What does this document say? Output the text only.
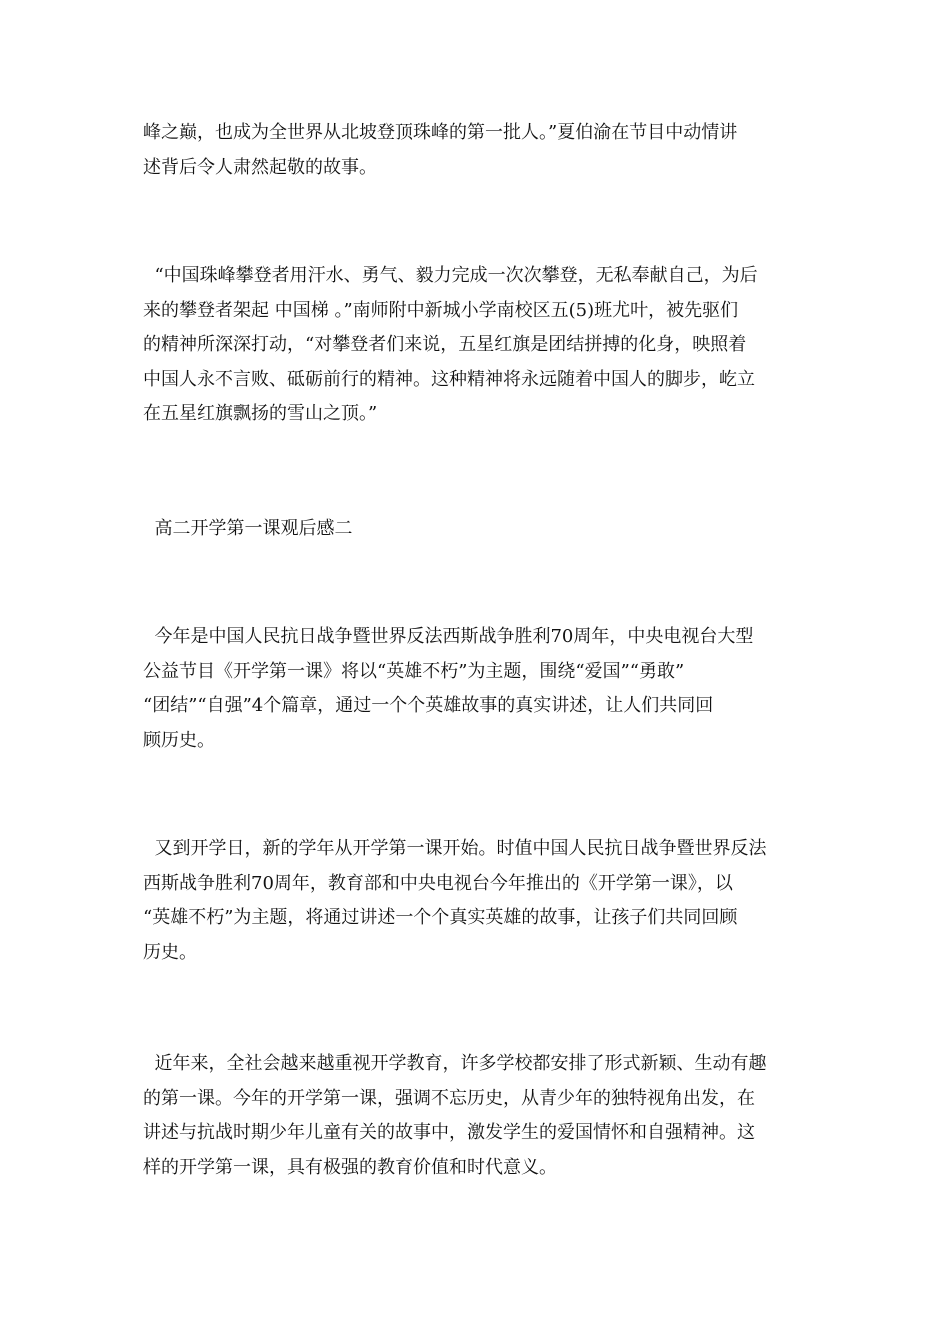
峰之巅，也成为全世界从北坡登顶珠峰的第一批人。”夏伯渝在节目中动情讲
述背后令人肃然起敬的故事。

“中国珠峰攀登者用汗水、勇气、毅力完成一次次攀登，无私奉献自己，为后
来的攀登者架起 中国梯 。”南师附中新城小学南校区五(5)班尤叶，被先驱们
的精神所深深打动，“对攀登者们来说，五星红旗是团结拼搏的化身，映照着
中国人永不言败、砥砺前行的精神。这种精神将永远随着中国人的脚步，屹立
在五星红旗飘扬的雪山之顶。”

高二开学第一课观后感二

今年是中国人民抗日战争暨世界反法西斯战争胜利70周年，中央电视台大型
公益节目《开学第一课》将以“英雄不朽”为主题，围绕“爱国”“勇敢”
“团结”“自强”4个篇章，通过一个个英雄故事的真实讲述，让人们共同回
顾历史。

又到开学日，新的学年从开学第一课开始。时值中国人民抗日战争暨世界反法
西斯战争胜利70周年，教育部和中央电视台今年推出的《开学第一课》，以
“英雄不朽”为主题，将通过讲述一个个真实英雄的故事，让孩子们共同回顾
历史。

近年来，全社会越来越重视开学教育，许多学校都安排了形式新颖、生动有趣
的第一课。今年的开学第一课，强调不忘历史，从青少年的独特视角出发，在
讲述与抗战时期少年儿童有关的故事中，激发学生的爱国情怀和自强精神。这
样的开学第一课，具有极强的教育价值和时代意义。
